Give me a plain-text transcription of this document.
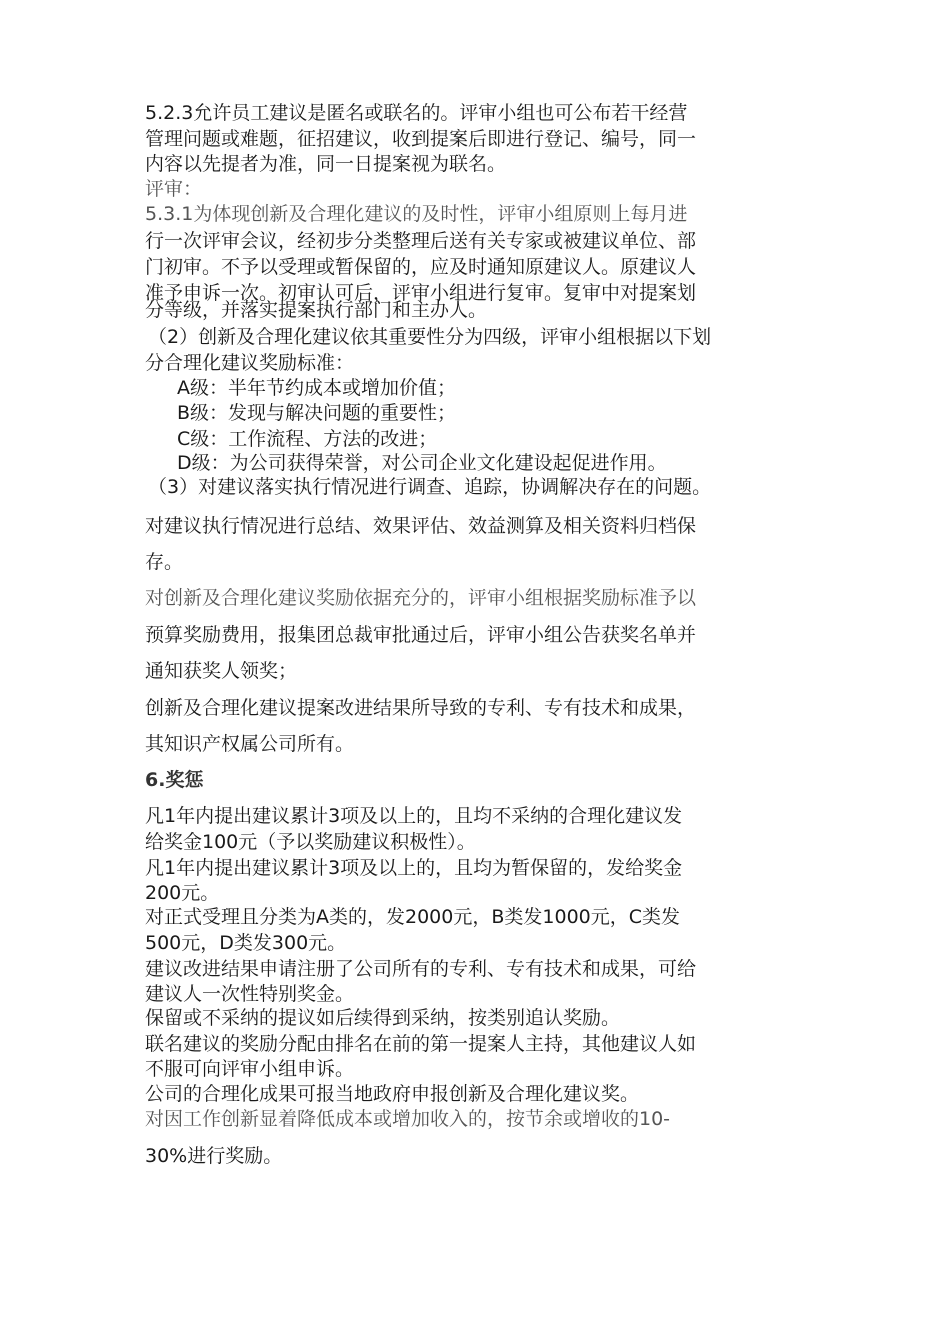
5.2.3允许员工建议是匿名或联名的。评审小组也可公布若干经营

管理问题或难题，征招建议，收到提案后即进行登记、编号，同一

内容以先提者为准，同一日提案视为联名。

评审：

5.3.1为体现创新及合理化建议的及时性，评审小组原则上每月进

行一次评审会议，经初步分类整理后送有关专家或被建议单位、部

门初审。不予以受理或暂保留的，应及时通知原建议人。原建议人

准予申诉一次。初审认可后，评审小组进行复审。复审中对提案划

分等级，并落实提案执行部门和主办人。

（2）创新及合理化建议依其重要性分为四级，评审小组根据以下划

分合理化建议奖励标准：

A级：半年节约成本或增加价值；

B级：发现与解决问题的重要性；

C级：工作流程、方法的改进；

D级：为公司获得荣誉，对公司企业文化建设起促进作用。

（3）对建议落实执行情况进行调查、追踪，协调解决存在的问题。

对建议执行情况进行总结、效果评估、效益测算及相关资料归档保

存。

对创新及合理化建议奖励依据充分的，评审小组根据奖励标准予以

预算奖励费用，报集团总裁审批通过后，评审小组公告获奖名单并

通知获奖人领奖；

创新及合理化建议提案改进结果所导致的专利、专有技术和成果，

其知识产权属公司所有。

6.奖惩

凡1年内提出建议累计3项及以上的，且均不采纳的合理化建议发

给奖金100元（予以奖励建议积极性）。

凡1年内提出建议累计3项及以上的，且均为暂保留的，发给奖金

200元。

对正式受理且分类为A类的，发2000元，B类发1000元，C类发

500元，D类发300元。

建议改进结果申请注册了公司所有的专利、专有技术和成果，可给

建议人一次性特别奖金。

保留或不采纳的提议如后续得到采纳，按类别追认奖励。

联名建议的奖励分配由排名在前的第一提案人主持，其他建议人如

不服可向评审小组申诉。

公司的合理化成果可报当地政府申报创新及合理化建议奖。

对因工作创新显着降低成本或增加收入的，按节余或增收的10-

30%进行奖励。
